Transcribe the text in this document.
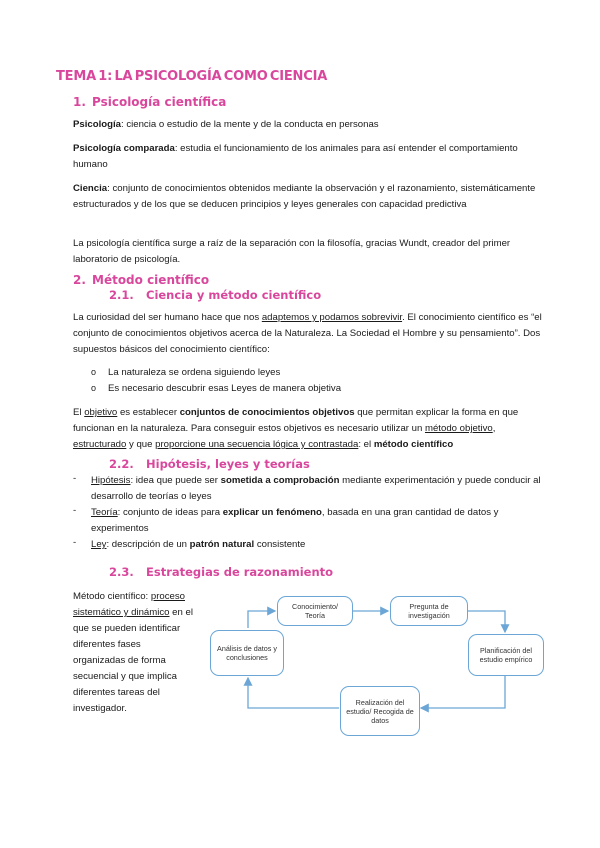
TEMA 1: LA PSICOLOGÍA COMO CIENCIA
1. Psicología científica

Psicología: ciencia o estudio de la mente y de la conducta en personas

Psicología comparada: estudia el funcionamiento de los animales para así entender el comportamiento humano

Ciencia: conjunto de conocimientos obtenidos mediante la observación y el razonamiento, sistemáticamente estructurados y de los que se deducen principios y leyes generales con capacidad predictiva

La psicología científica surge a raíz de la separación con la filosofía, gracias Wundt, creador del primer laboratorio de psicología.

2. Método científico
2.1. Ciencia y método científico

La curiosidad del ser humano hace que nos adaptemos y podamos sobrevivir. El conocimiento científico es “el conjunto de conocimientos objetivos acerca de la Naturaleza. La Sociedad el Hombre y su pensamiento”. Dos supuestos básicos del conocimiento científico:

o La naturaleza se ordena siguiendo leyes

o Es necesario descubrir esas Leyes de manera objetiva

El objetivo es establecer conjuntos de conocimientos objetivos que permitan explicar la forma en que funcionan en la naturaleza. Para conseguir estos objetivos es necesario utilizar un método objetivo, estructurado y que proporcione una secuencia lógica y contrastada: el método científico

2.2. Hipótesis, leyes y teorías
- Hipótesis: idea que puede ser sometida a comprobación mediante experimentación y puede conducir al desarrollo de teorías o leyes

- Teoría: conjunto de ideas para explicar un fenómeno, basada en una gran cantidad de datos y experimentos

- Ley: descripción de un patrón natural consistente

2.3. Estrategias de razonamiento

Método científico: proceso sistemático y dinámico en el que se pueden identificar diferentes fases organizadas de forma secuencial y que implica diferentes tareas del investigador.

Conocimiento/ Teoría
Pregunta de investigación
Planificación del estudio empírico
Realización del estudio/ Recogida de datos
Análisis de datos y conclusiones
